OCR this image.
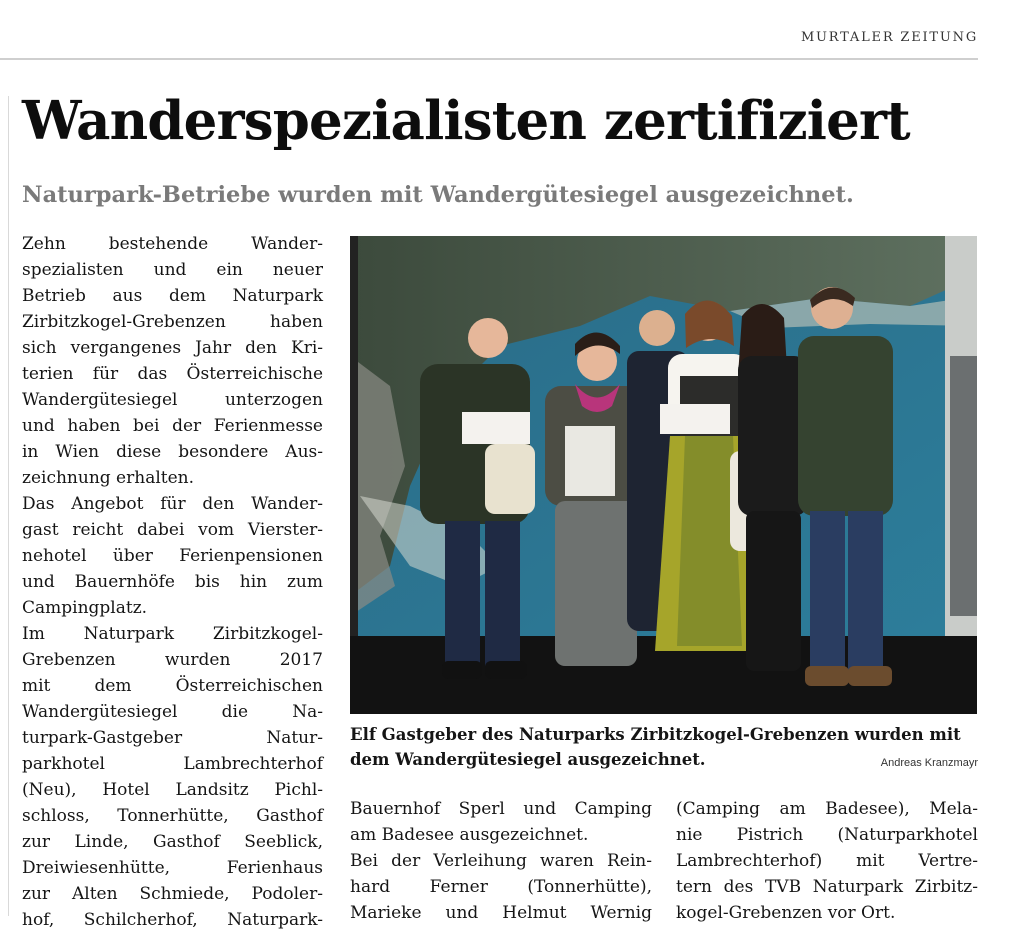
MURTALER ZEITUNG
Wanderspezialisten zertifiziert
Naturpark-Betriebe wurden mit Wandergütesiegel ausgezeichnet.
Zehn bestehende Wander-
spezialisten und ein neuer
Betrieb aus dem Naturpark
Zirbitzkogel-Grebenzen haben
sich vergangenes Jahr den Kri-
terien für das Österreichische
Wandergütesiegel unterzogen
und haben bei der Ferienmesse
in Wien diese besondere Aus-
zeichnung erhalten.
Das Angebot für den Wander-
gast reicht dabei vom Vierster-
nehotel über Ferienpensionen
und Bauernhöfe bis hin zum
Campingplatz.
Im Naturpark Zirbitzkogel-
Grebenzen wurden 2017
mit dem Österreichischen
Wandergütesiegel die Na-
turpark-Gastgeber Natur-
parkhotel Lambrechterhof
(Neu), Hotel Landsitz Pichl-
schloss, Tonnerhütte, Gasthof
zur Linde, Gasthof Seeblick,
Dreiwiesenhütte, Ferienhaus
zur Alten Schmiede, Podoler-
hof, Schilcherhof, Naturpark-
Elf Gastgeber des Naturparks Zirbitzkogel-Grebenzen wurden mit
dem Wandergütesiegel ausgezeichnet.	Andreas Kranzmayr
Bauernhof Sperl und Camping
am Badesee ausgezeichnet.
Bei der Verleihung waren Rein-
hard Ferner (Tonnerhütte),
Marieke und Helmut Wernig
(Camping am Badesee), Mela-
nie Pistrich (Naturparkhotel
Lambrechterhof) mit Vertre-
tern des TVB Naturpark Zirbitz-
kogel-Grebenzen vor Ort.
